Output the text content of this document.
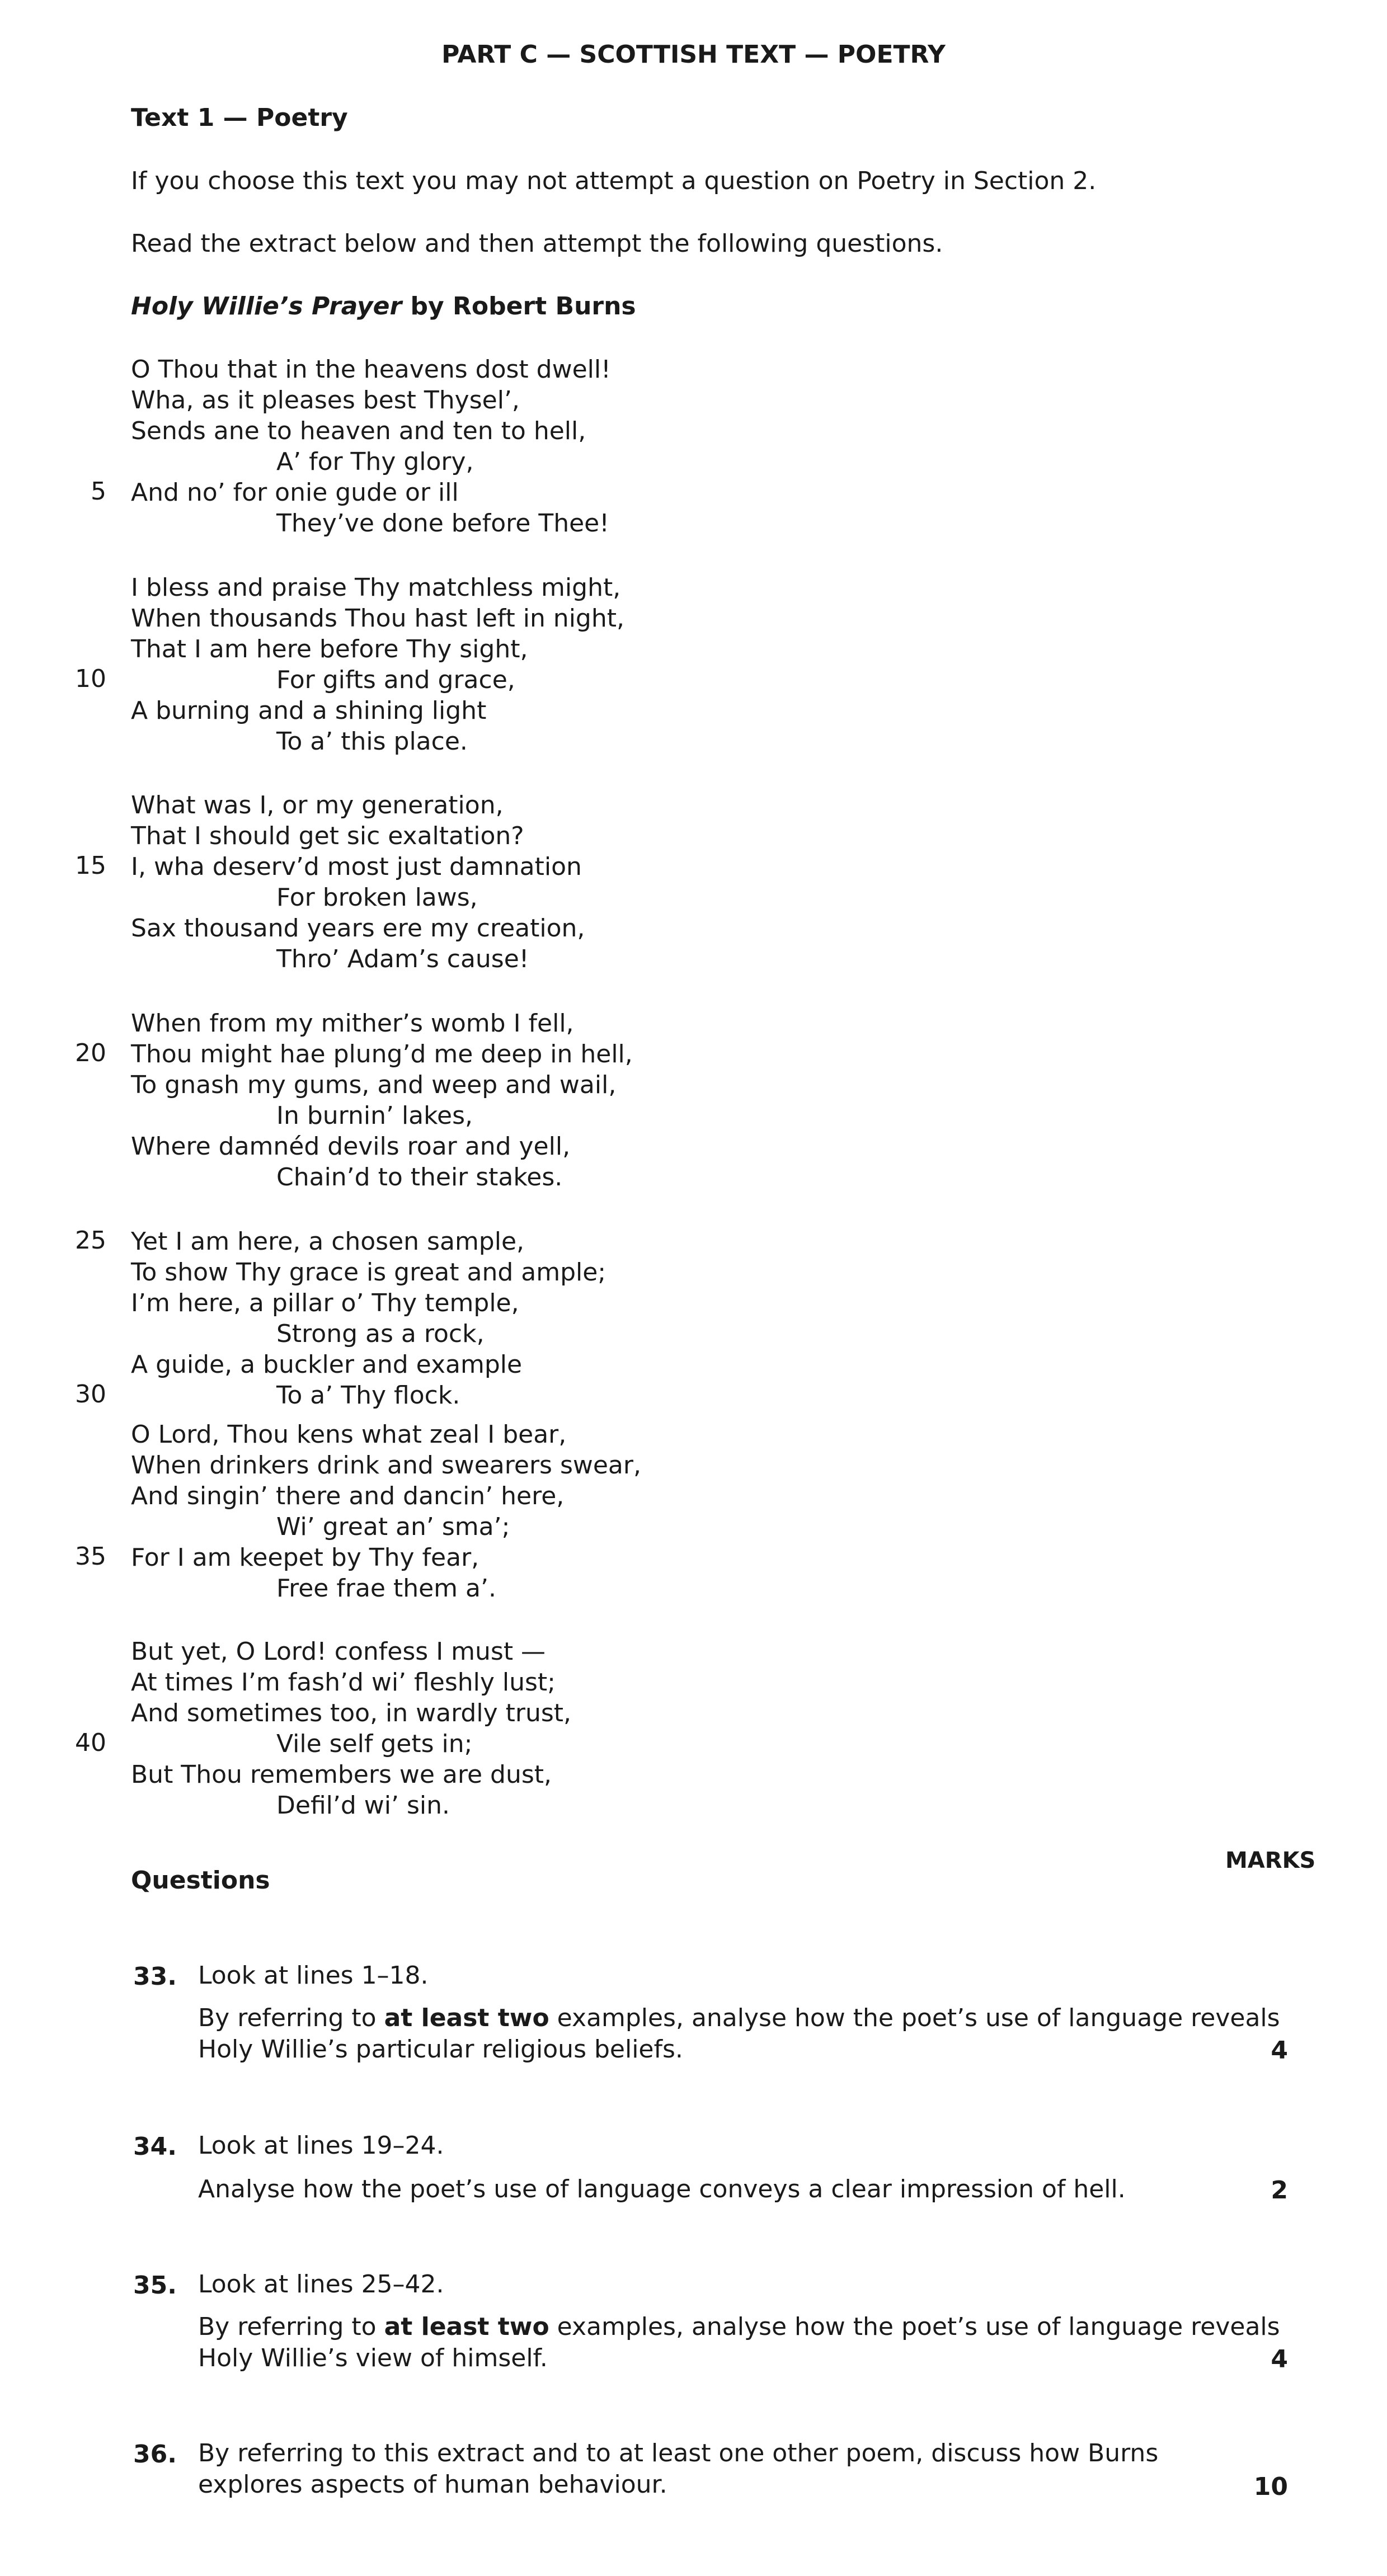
PART C — SCOTTISH TEXT — POETRY
Text 1 — Poetry
If you choose this text you may not attempt a question on Poetry in Section 2.
Read the extract below and then attempt the following questions.
Holy Willie’s Prayer by Robert Burns
O Thou that in the heavens dost dwell!
Wha, as it pleases best Thysel’,
Sends ane to heaven and ten to hell,
A’ for Thy glory,
And no’ for onie gude or ill
They’ve done before Thee!
I bless and praise Thy matchless might,
When thousands Thou hast left in night,
That I am here before Thy sight,
For gifts and grace,
A burning and a shining light
To a’ this place.
What was I, or my generation,
That I should get sic exaltation?
I, wha deserv’d most just damnation
For broken laws,
Sax thousand years ere my creation,
Thro’ Adam’s cause!
When from my mither’s womb I fell,
Thou might hae plung’d me deep in hell,
To gnash my gums, and weep and wail,
In burnin’ lakes,
Where damnéd devils roar and yell,
Chain’d to their stakes.
Yet I am here, a chosen sample,
To show Thy grace is great and ample;
I’m here, a pillar o’ Thy temple,
Strong as a rock,
A guide, a buckler and example
To a’ Thy flock.
O Lord, Thou kens what zeal I bear,
When drinkers drink and swearers swear,
And singin’ there and dancin’ here,
Wi’ great an’ sma’;
For I am keepet by Thy fear,
Free frae them a’.
But yet, O Lord! confess I must —
At times I’m fash’d wi’ fleshly lust;
And sometimes too, in wardly trust,
Vile self gets in;
But Thou remembers we are dust,
Defil’d wi’ sin.
5
10
15
20
25
30
35
40
MARKS
Questions
33. Look at lines 1–18.
By referring to at least two examples, analyse how the poet’s use of language reveals
Holy Willie’s particular religious beliefs.	4
34. Look at lines 19–24.
Analyse how the poet’s use of language conveys a clear impression of hell.	2
35. Look at lines 25–42.
By referring to at least two examples, analyse how the poet’s use of language reveals
Holy Willie’s view of himself.	4
36. By referring to this extract and to at least one other poem, discuss how Burns
explores aspects of human behaviour.	10
